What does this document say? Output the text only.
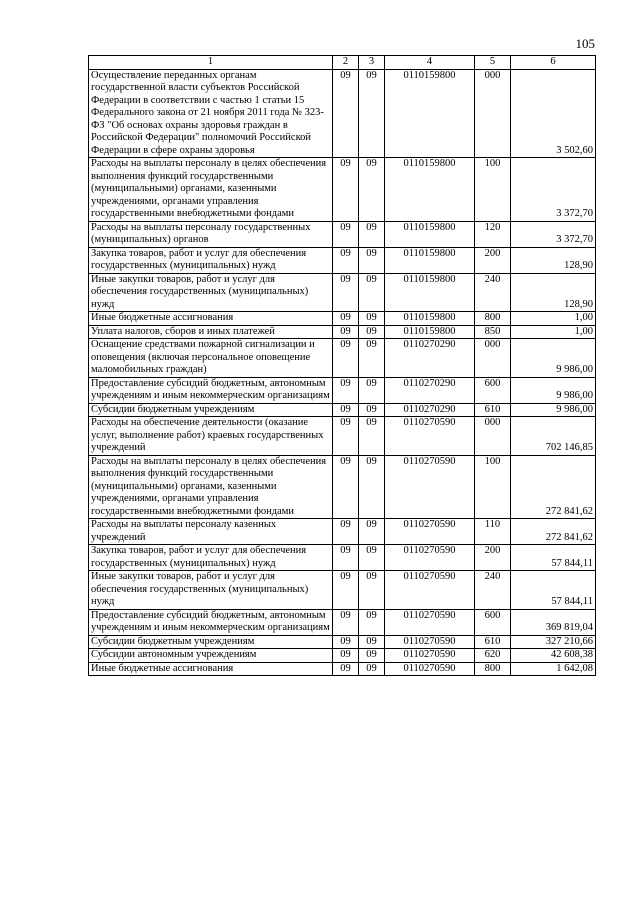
105
1	2	3	4	5	6
Осуществление переданных органам государственной власти субъектов Российской Федерации в соответствии с частью 1 статьи 15 Федерального закона от 21 ноября 2011 года № 323-ФЗ "Об основах охраны здоровья граждан в Российской Федерации" полномочий Российской Федерации в сфере охраны здоровья	09	09	0110159800	000	3 502,60
Расходы на выплаты персоналу в целях обеспечения выполнения функций государственными (муниципальными) органами, казенными учреждениями, органами управления государственными внебюджетными фондами	09	09	0110159800	100	3 372,70
Расходы на выплаты персоналу государственных (муниципальных) органов	09	09	0110159800	120	3 372,70
Закупка товаров, работ и услуг для обеспечения государственных (муниципальных) нужд	09	09	0110159800	200	128,90
Иные закупки товаров, работ и услуг для обеспечения государственных (муниципальных) нужд	09	09	0110159800	240	128,90
Иные бюджетные ассигнования	09	09	0110159800	800	1,00
Уплата налогов, сборов и иных платежей	09	09	0110159800	850	1,00
Оснащение средствами пожарной сигнализации и оповещения (включая персональное оповещение маломобильных граждан)	09	09	0110270290	000	9 986,00
Предоставление субсидий бюджетным, автономным учреждениям и иным некоммерческим организациям	09	09	0110270290	600	9 986,00
Субсидии бюджетным учреждениям	09	09	0110270290	610	9 986,00
Расходы на обеспечение деятельности (оказание услуг, выполнение работ) краевых государственных учреждений	09	09	0110270590	000	702 146,85
Расходы на выплаты персоналу в целях обеспечения выполнения функций государственными (муниципальными) органами, казенными учреждениями, органами управления государственными внебюджетными фондами	09	09	0110270590	100	272 841,62
Расходы на выплаты персоналу казенных учреждений	09	09	0110270590	110	272 841,62
Закупка товаров, работ и услуг для обеспечения государственных (муниципальных) нужд	09	09	0110270590	200	57 844,11
Иные закупки товаров, работ и услуг для обеспечения государственных (муниципальных) нужд	09	09	0110270590	240	57 844,11
Предоставление субсидий бюджетным, автономным учреждениям и иным некоммерческим организациям	09	09	0110270590	600	369 819,04
Субсидии бюджетным учреждениям	09	09	0110270590	610	327 210,66
Субсидии автономным учреждениям	09	09	0110270590	620	42 608,38
Иные бюджетные ассигнования	09	09	0110270590	800	1 642,08
